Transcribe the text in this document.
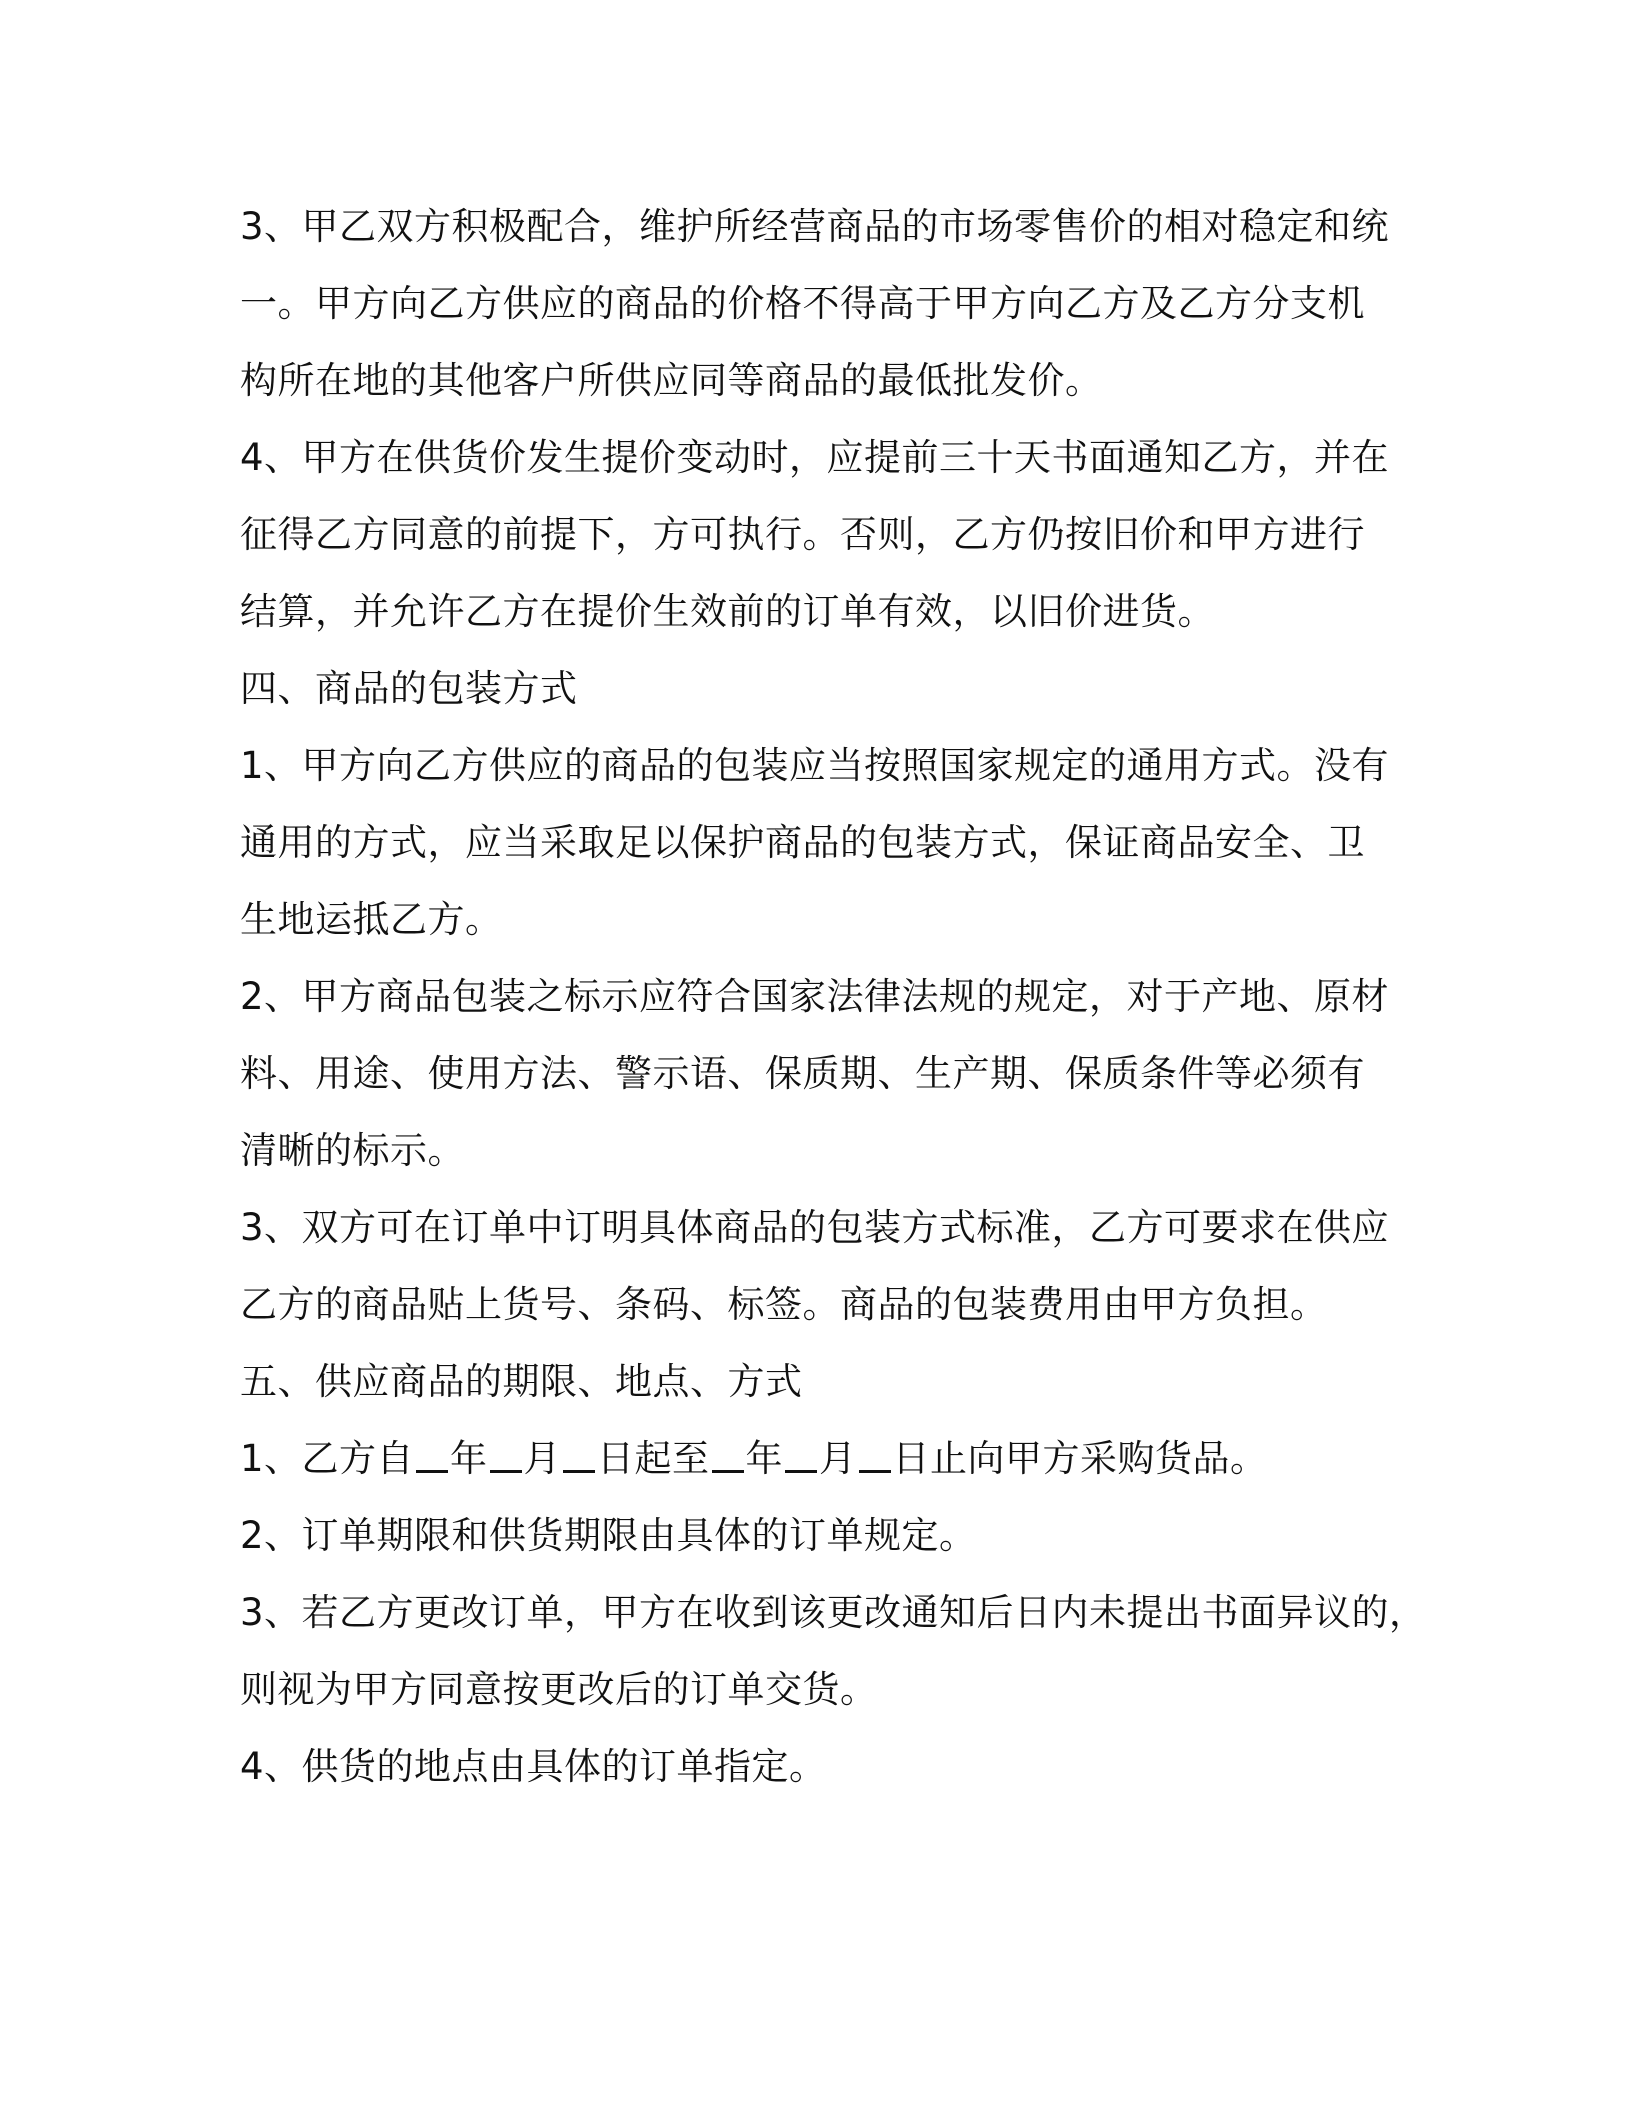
3、甲乙双方积极配合，维护所经营商品的市场零售价的相对稳定和统
一。甲方向乙方供应的商品的价格不得高于甲方向乙方及乙方分支机
构所在地的其他客户所供应同等商品的最低批发价。
4、甲方在供货价发生提价变动时，应提前三十天书面通知乙方，并在
征得乙方同意的前提下，方可执行。否则，乙方仍按旧价和甲方进行
结算，并允许乙方在提价生效前的订单有效，以旧价进货。
四、商品的包装方式
1、甲方向乙方供应的商品的包装应当按照国家规定的通用方式。没有
通用的方式，应当采取足以保护商品的包装方式，保证商品安全、卫
生地运抵乙方。
2、甲方商品包装之标示应符合国家法律法规的规定，对于产地、原材
料、用途、使用方法、警示语、保质期、生产期、保质条件等必须有
清晰的标示。
3、双方可在订单中订明具体商品的包装方式标准，乙方可要求在供应
乙方的商品贴上货号、条码、标签。商品的包装费用由甲方负担。
五、供应商品的期限、地点、方式
1、乙方自 年 月 日起至 年 月 日止向甲方采购货品。
2、订单期限和供货期限由具体的订单规定。
3、若乙方更改订单，甲方在收到该更改通知后日内未提出书面异议的，
则视为甲方同意按更改后的订单交货。
4、供货的地点由具体的订单指定。
